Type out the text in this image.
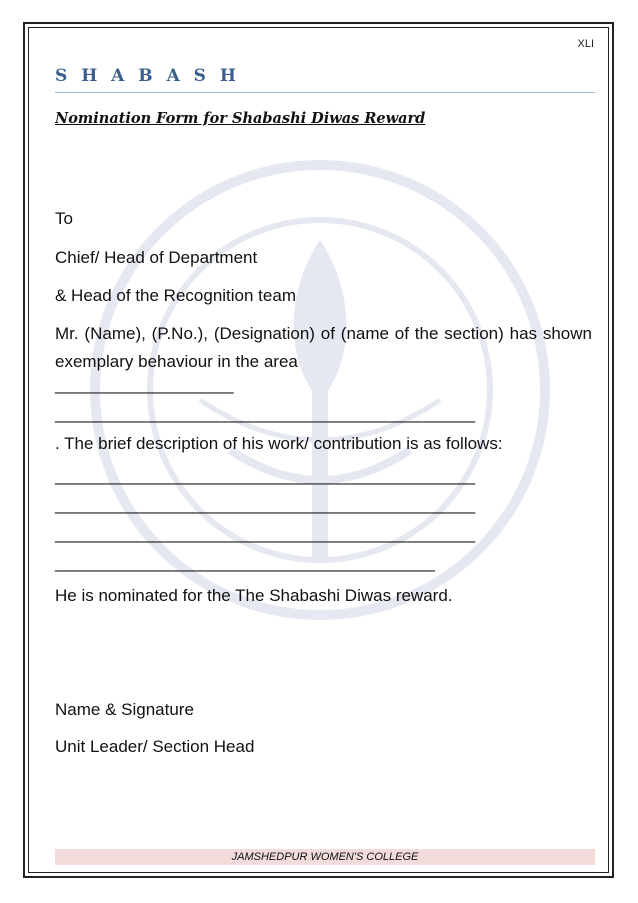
XLI
S H A B A S H
Nomination Form for Shabashi Diwas Reward
To
Chief/ Head of Department
& Head of the Recognition team
Mr. (Name), (P.No.), (Designation) of (name of the section) has shown exemplary behaviour in the area
______________________
____________________________________________________
. The brief description of his work/ contribution is as follows:
____________________________________________________
____________________________________________________
____________________________________________________
_______________________________________________
He is nominated for the The Shabashi Diwas reward.
Name & Signature
Unit Leader/ Section Head
JAMSHEDPUR WOMEN'S COLLEGE
